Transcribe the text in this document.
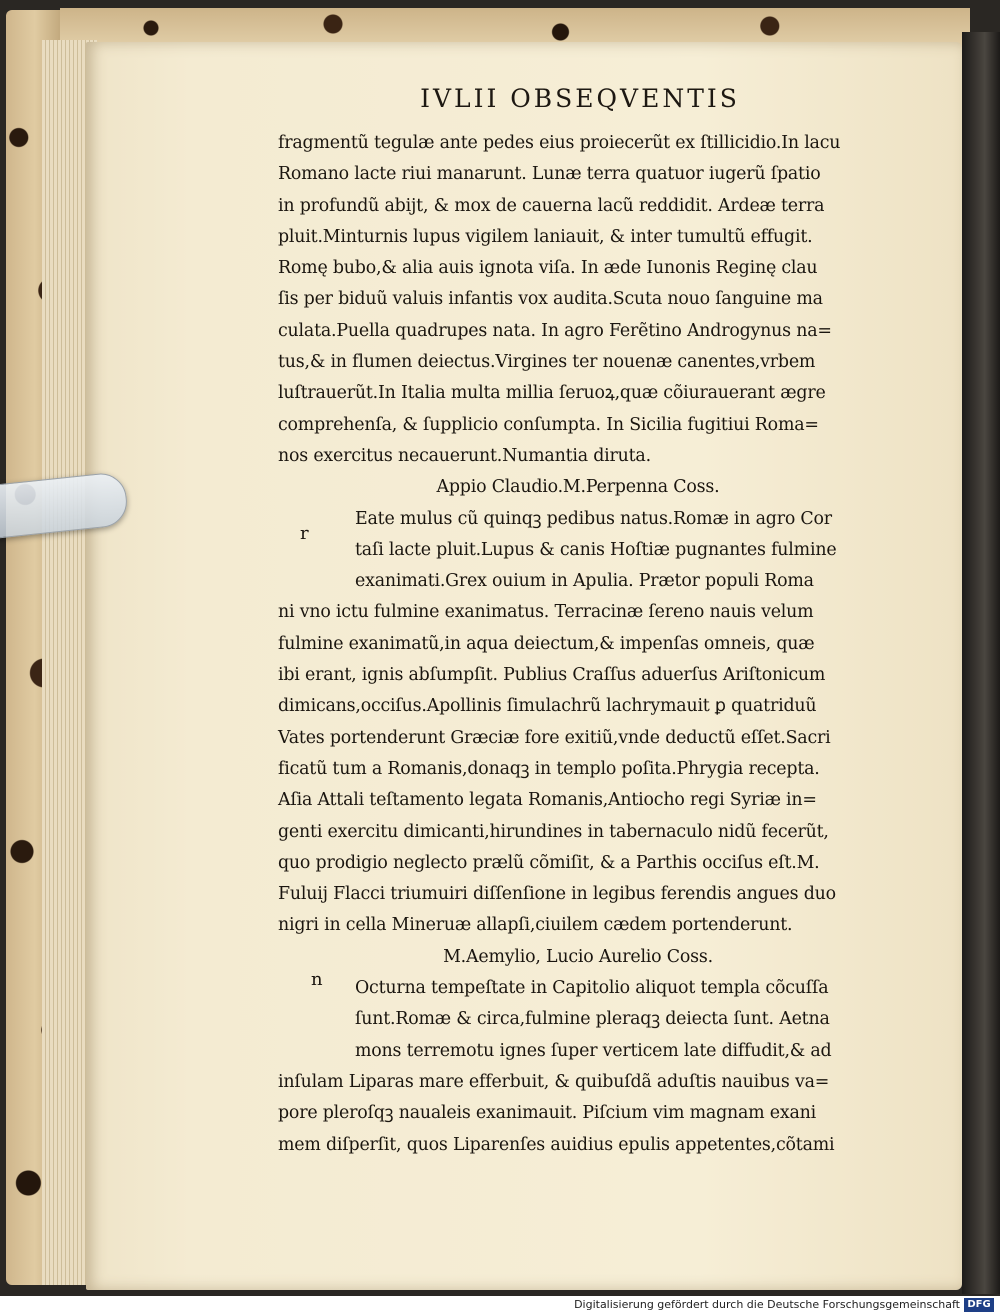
IVLII OBSEQVENTIS
fragmentũ tegulæ ante pedes eius proiecerũt ex ſtillicidio.In lacu
Romano lacte riui manarunt. Lunæ terra quatuor iugerũ ſpatio
in profundũ abijt, & mox de cauerna lacũ reddidit. Ardeæ terra
pluit.Minturnis lupus vigilem laniauit, & inter tumultũ effugit.
Romę bubo,& alia auis ignota viſa. In æde Iunonis Reginę clau
ſis per biduũ valuis infantis vox audita.Scuta nouo ſanguine ma
culata.Puella quadrupes nata. In agro Ferẽtino Androgynus na=
tus,& in flumen deiectus.Virgines ter nouenæ canentes,vrbem
luſtrauerũt.In Italia multa millia ſeruoꝝ,quæ cõiurauerant ægre
comprehenſa, & ſupplicio conſumpta. In Sicilia fugitiui Roma=
nos exercitus necauerunt.Numantia diruta.
Appio Claudio.M.Perpenna Coss.
Eate mulus cũ quinqꝫ pedibus natus.Romæ in agro Cor
taſi lacte pluit.Lupus & canis Hoſtiæ pugnantes fulmine
exanimati.Grex ouium in Apulia. Prætor populi Roma
ni vno ictu fulmine exanimatus. Terracinæ ſereno nauis velum
fulmine exanimatũ,in aqua deiectum,& impenſas omneis, quæ
ibi erant, ignis abſumpſit. Publius Craſſus aduerſus Ariſtonicum
dimicans,occiſus.Apollinis ſimulachrũ lachrymauit ꝑ quatriduũ
Vates portenderunt Græciæ fore exitiũ,vnde deductũ eſſet.Sacri
ficatũ tum a Romanis,donaqꝫ in templo poſita.Phrygia recepta.
Aſia Attali teſtamento legata Romanis,Antiocho regi Syriæ in=
genti exercitu dimicanti,hirundines in tabernaculo nidũ fecerũt,
quo prodigio neglecto prælũ cõmiſit, & a Parthis occiſus eſt.M.
Fuluij Flacci triumuiri diſſenſione in legibus ferendis angues duo
nigri in cella Mineruæ allapſi,ciuilem cædem portenderunt.
M.Aemylio, Lucio Aurelio Coss.
Octurna tempeſtate in Capitolio aliquot templa cõcuſſa
ſunt.Romæ & circa,fulmine pleraqꝫ deiecta ſunt. Aetna
mons terremotu ignes ſuper verticem late diffudit,& ad
inſulam Liparas mare efferbuit, & quibuſdã aduſtis nauibus va=
pore pleroſqꝫ naualeis exanimauit. Piſcium vim magnam exani
mem diſperſit, quos Liparenſes auidius epulis appetentes,cõtami
r
n
Digitalisierung gefördert durch die Deutsche Forschungsgemeinschaft DFG
